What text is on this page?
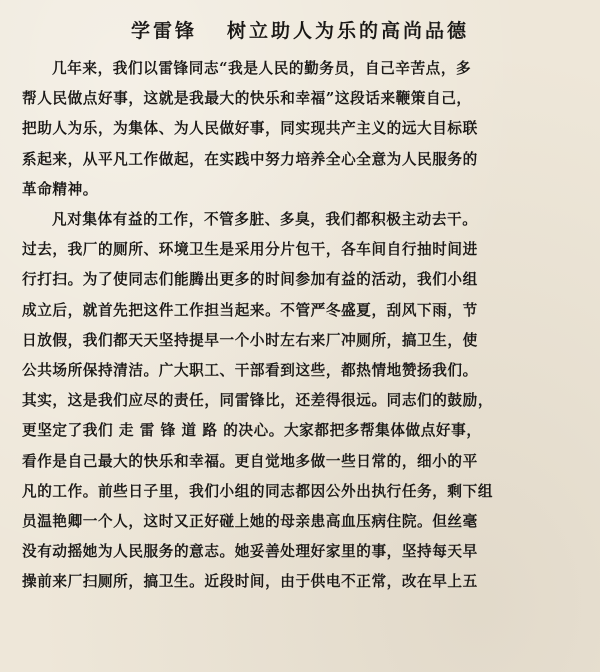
学雷锋 树立助人为乐的高尚品德
几年来，我们以雷锋同志“我是人民的勤务员，自己辛苦点，多
帮人民做点好事，这就是我最大的快乐和幸福”这段话来鞭策自己，
把助人为乐，为集体、为人民做好事，同实现共产主义的远大目标联
系起来，从平凡工作做起，在实践中努力培养全心全意为人民服务的
革命精神。
凡对集体有益的工作，不管多脏、多臭，我们都积极主动去干。
过去，我厂的厕所、环境卫生是采用分片包干，各车间自行抽时间进
行打扫。为了使同志们能腾出更多的时间参加有益的活动，我们小组
成立后，就首先把这件工作担当起来。不管严冬盛夏，刮风下雨，节
日放假，我们都天天坚持提早一个小时左右来厂冲厕所，搞卫生，使
公共场所保持清洁。广大职工、干部看到这些，都热情地赞扬我们。
其实，这是我们应尽的责任，同雷锋比，还差得很远。同志们的鼓励，
更坚定了我们 走 雷 锋 道 路 的决心。大家都把多帮集体做点好事，
看作是自己最大的快乐和幸福。更自觉地多做一些日常的，细小的平
凡的工作。前些日子里，我们小组的同志都因公外出执行任务，剩下组
员温艳卿一个人，这时又正好碰上她的母亲患高血压病住院。但丝毫
没有动摇她为人民服务的意志。她妥善处理好家里的事，坚持每天早
操前来厂扫厕所，搞卫生。近段时间，由于供电不正常，改在早上五
